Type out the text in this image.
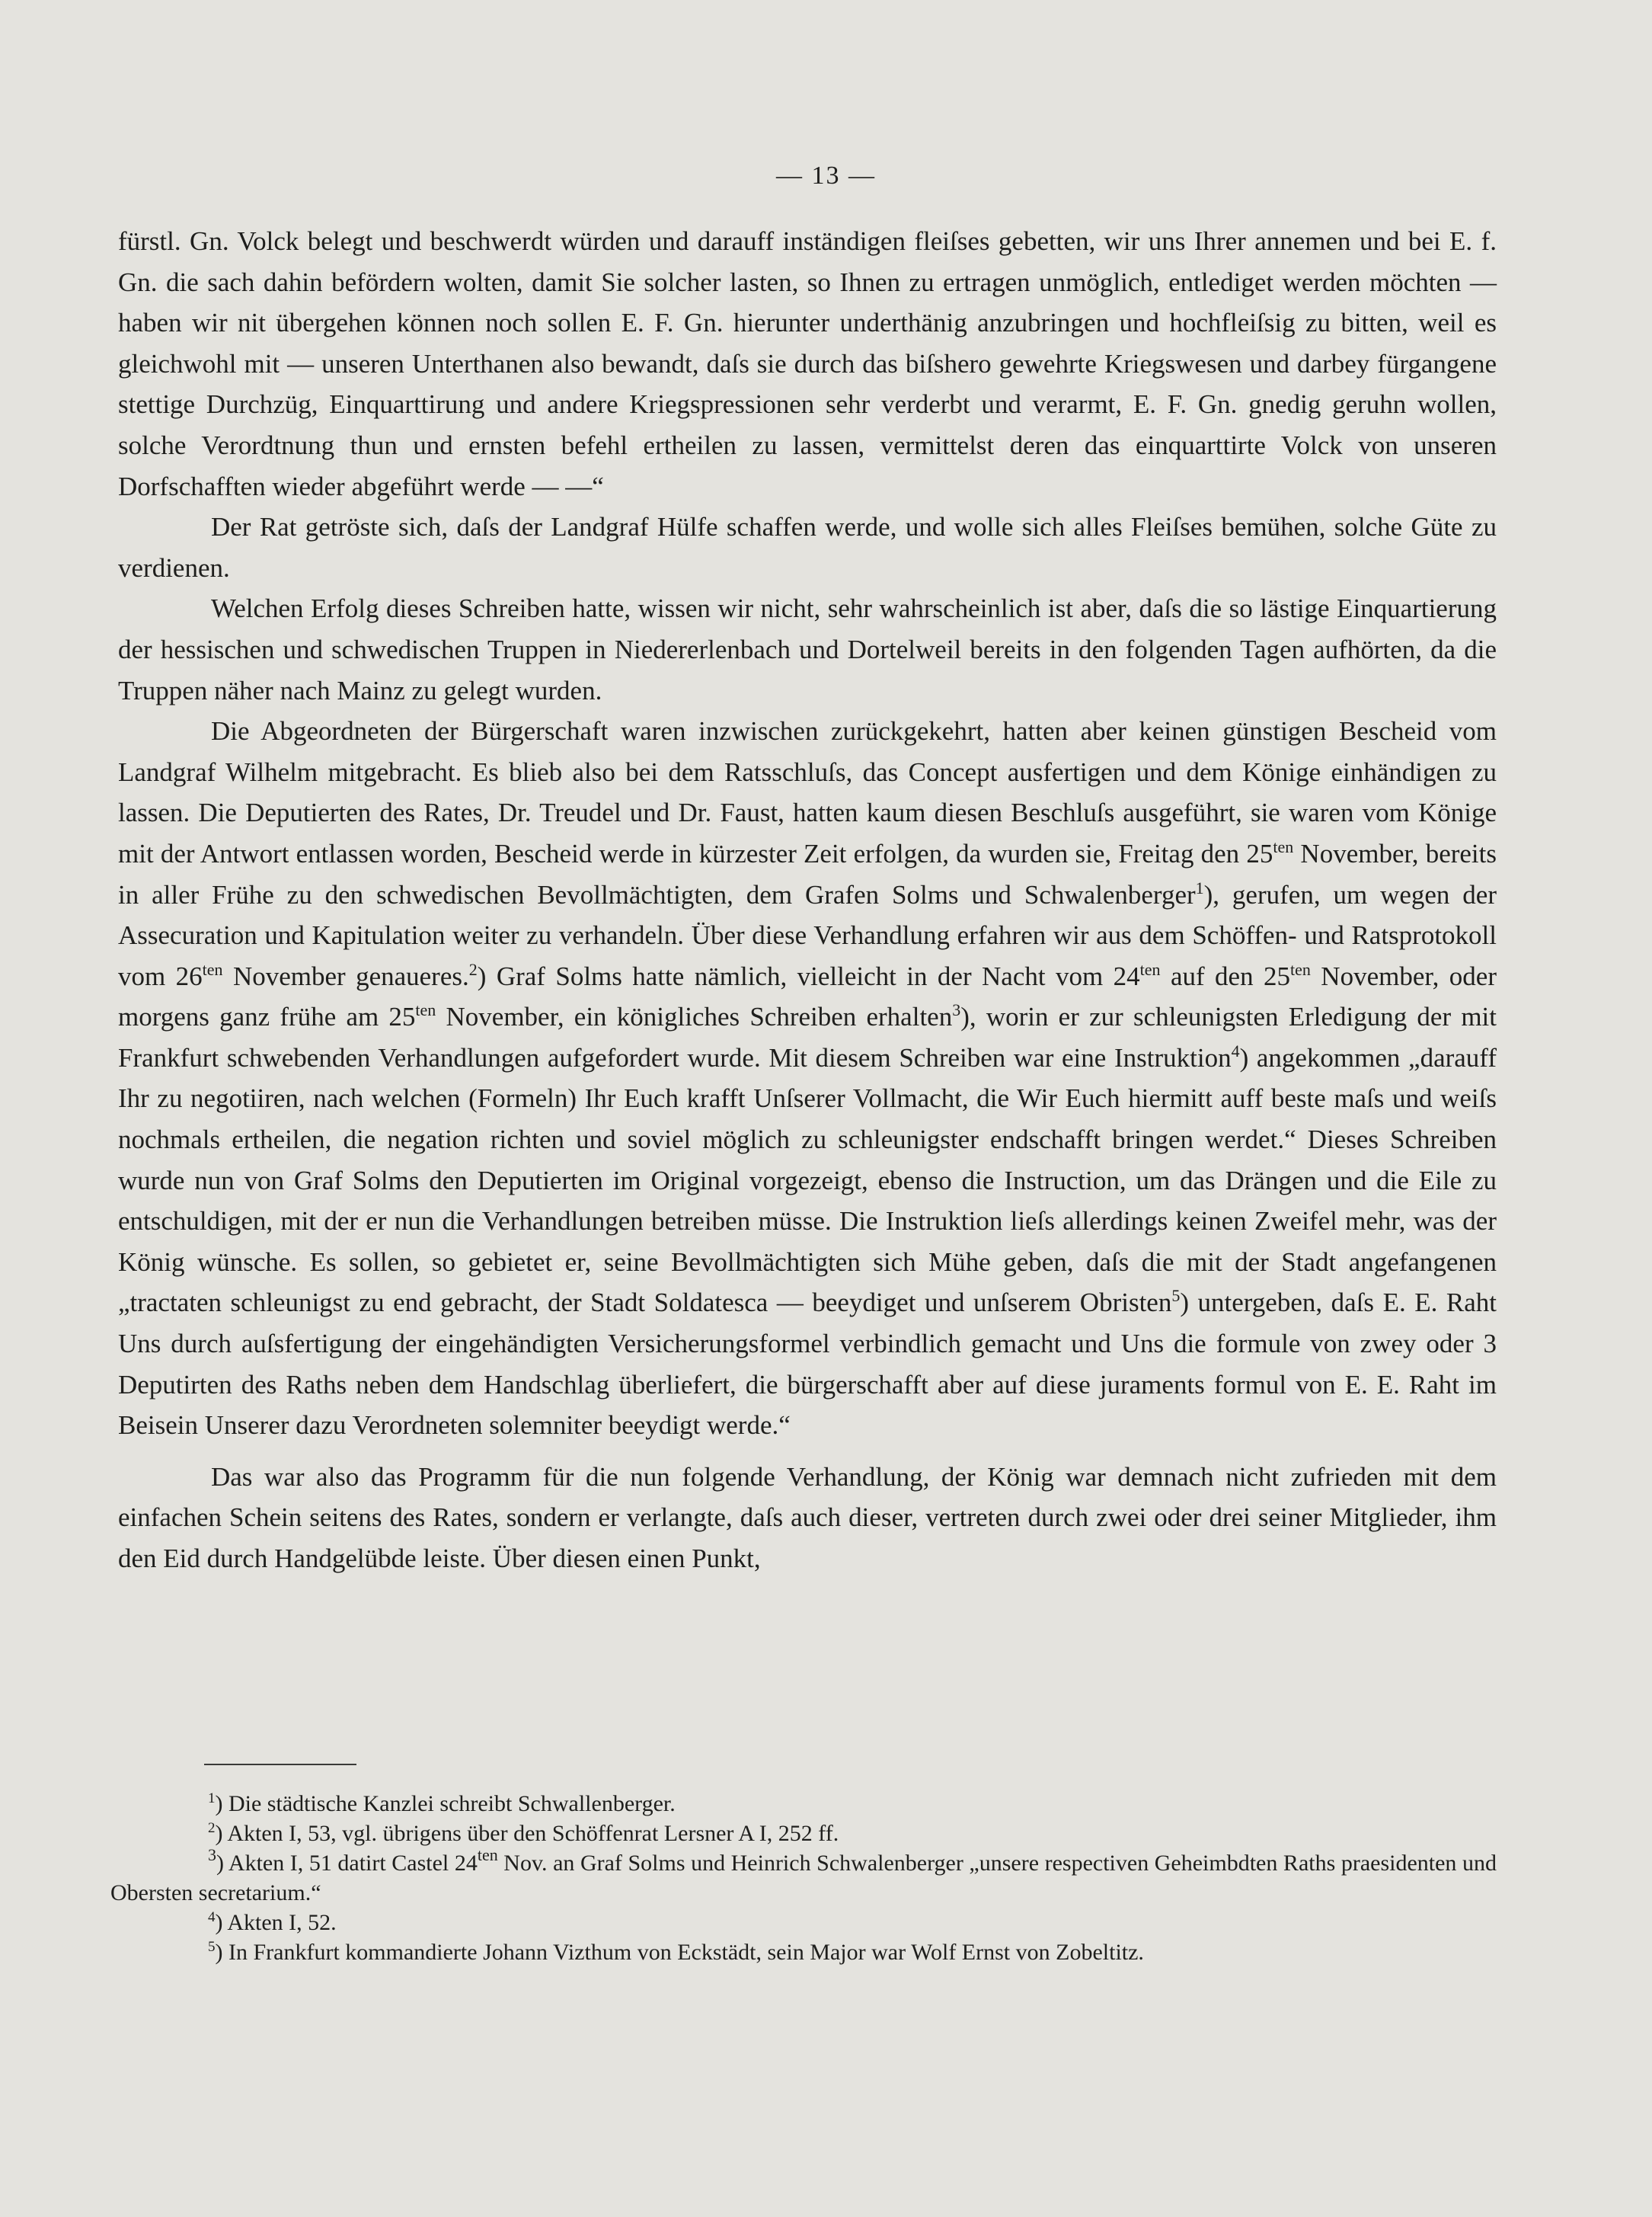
— 13 —

fürstl. Gn. Volck belegt und beschwerdt würden und darauff inständigen fleiſses gebetten, wir uns Ihrer annemen und bei E. f. Gn. die sach dahin befördern wolten, damit Sie solcher lasten, so Ihnen zu ertragen unmöglich, entlediget werden möchten — haben wir nit übergehen können noch sollen E. F. Gn. hierunter underthänig anzubringen und hochfleiſsig zu bitten, weil es gleichwohl mit — unseren Unterthanen also bewandt, daſs sie durch das biſshero gewehrte Kriegswesen und darbey fürgangene stettige Durchzüg, Einquarttirung und andere Kriegspressionen sehr verderbt und verarmt, E. F. Gn. gnedig geruhn wollen, solche Verordtnung thun und ernsten befehl ertheilen zu lassen, vermittelst deren das einquarttirte Volck von unseren Dorfschafften wieder abgeführt werde — —“

Der Rat getröste sich, daſs der Landgraf Hülfe schaffen werde, und wolle sich alles Fleiſses bemühen, solche Güte zu verdienen.

Welchen Erfolg dieses Schreiben hatte, wissen wir nicht, sehr wahrscheinlich ist aber, daſs die so lästige Einquartierung der hessischen und schwedischen Truppen in Niedererlenbach und Dortelweil bereits in den folgenden Tagen aufhörten, da die Truppen näher nach Mainz zu gelegt wurden.

Die Abgeordneten der Bürgerschaft waren inzwischen zurückgekehrt, hatten aber keinen günstigen Bescheid vom Landgraf Wilhelm mitgebracht. Es blieb also bei dem Ratsschluſs, das Concept ausfertigen und dem Könige einhändigen zu lassen. Die Deputierten des Rates, Dr. Treudel und Dr. Faust, hatten kaum diesen Beschluſs ausgeführt, sie waren vom Könige mit der Antwort entlassen worden, Bescheid werde in kürzester Zeit erfolgen, da wurden sie, Freitag den $25^{ten}$ November, bereits in aller Frühe zu den schwedischen Bevollmächtigten, dem Grafen Solms und Schwalenberger$^1$), gerufen, um wegen der Assecuration und Kapitulation weiter zu verhandeln. Über diese Verhandlung erfahren wir aus dem Schöffen- und Ratsprotokoll vom $26^{ten}$ November genaueres.$^2$) Graf Solms hatte nämlich, vielleicht in der Nacht vom $24^{ten}$ auf den $25^{ten}$ November, oder morgens ganz frühe am $25^{ten}$ November, ein königliches Schreiben erhalten$^3$), worin er zur schleunigsten Erledigung der mit Frankfurt schwebenden Verhandlungen aufgefordert wurde. Mit diesem Schreiben war eine Instruktion$^4$) angekommen „darauff Ihr zu negotiiren, nach welchen (Formeln) Ihr Euch krafft Unſserer Vollmacht, die Wir Euch hiermitt auff beste maſs und weiſs nochmals ertheilen, die negation richten und soviel möglich zu schleunigster endschafft bringen werdet.“ Dieses Schreiben wurde nun von Graf Solms den Deputierten im Original vorgezeigt, ebenso die Instruction, um das Drängen und die Eile zu entschuldigen, mit der er nun die Verhandlungen betreiben müsse. Die Instruktion lieſs allerdings keinen Zweifel mehr, was der König wünsche. Es sollen, so gebietet er, seine Bevollmächtigten sich Mühe geben, daſs die mit der Stadt angefangenen „tractaten schleunigst zu end gebracht, der Stadt Soldatesca — beeydiget und unſserem Obristen$^5$) untergeben, daſs E. E. Raht Uns durch auſsfertigung der eingehändigten Versicherungsformel verbindlich gemacht und Uns die formule von zwey oder 3 Deputirten des Raths neben dem Handschlag überliefert, die bürgerschafft aber auf diese juraments formul von E. E. Raht im Beisein Unserer dazu Verordneten solemniter beeydigt werde.“

Das war also das Programm für die nun folgende Verhandlung, der König war demnach nicht zufrieden mit dem einfachen Schein seitens des Rates, sondern er verlangte, daſs auch dieser, vertreten durch zwei oder drei seiner Mitglieder, ihm den Eid durch Handgelübde leiste. Über diesen einen Punkt,

$^1$) Die städtische Kanzlei schreibt Schwallenberger.
$^2$) Akten I, 53, vgl. übrigens über den Schöffenrat Lersner A I, 252 ff.
$^3$) Akten I, 51 datirt Castel $24^{ten}$ Nov. an Graf Solms und Heinrich Schwalenberger „unsere respectiven Geheimbdten Raths praesidenten und Obersten secretarium.“
$^4$) Akten I, 52.
$^5$) In Frankfurt kommandierte Johann Vizthum von Eckstädt, sein Major war Wolf Ernst von Zobeltitz.
